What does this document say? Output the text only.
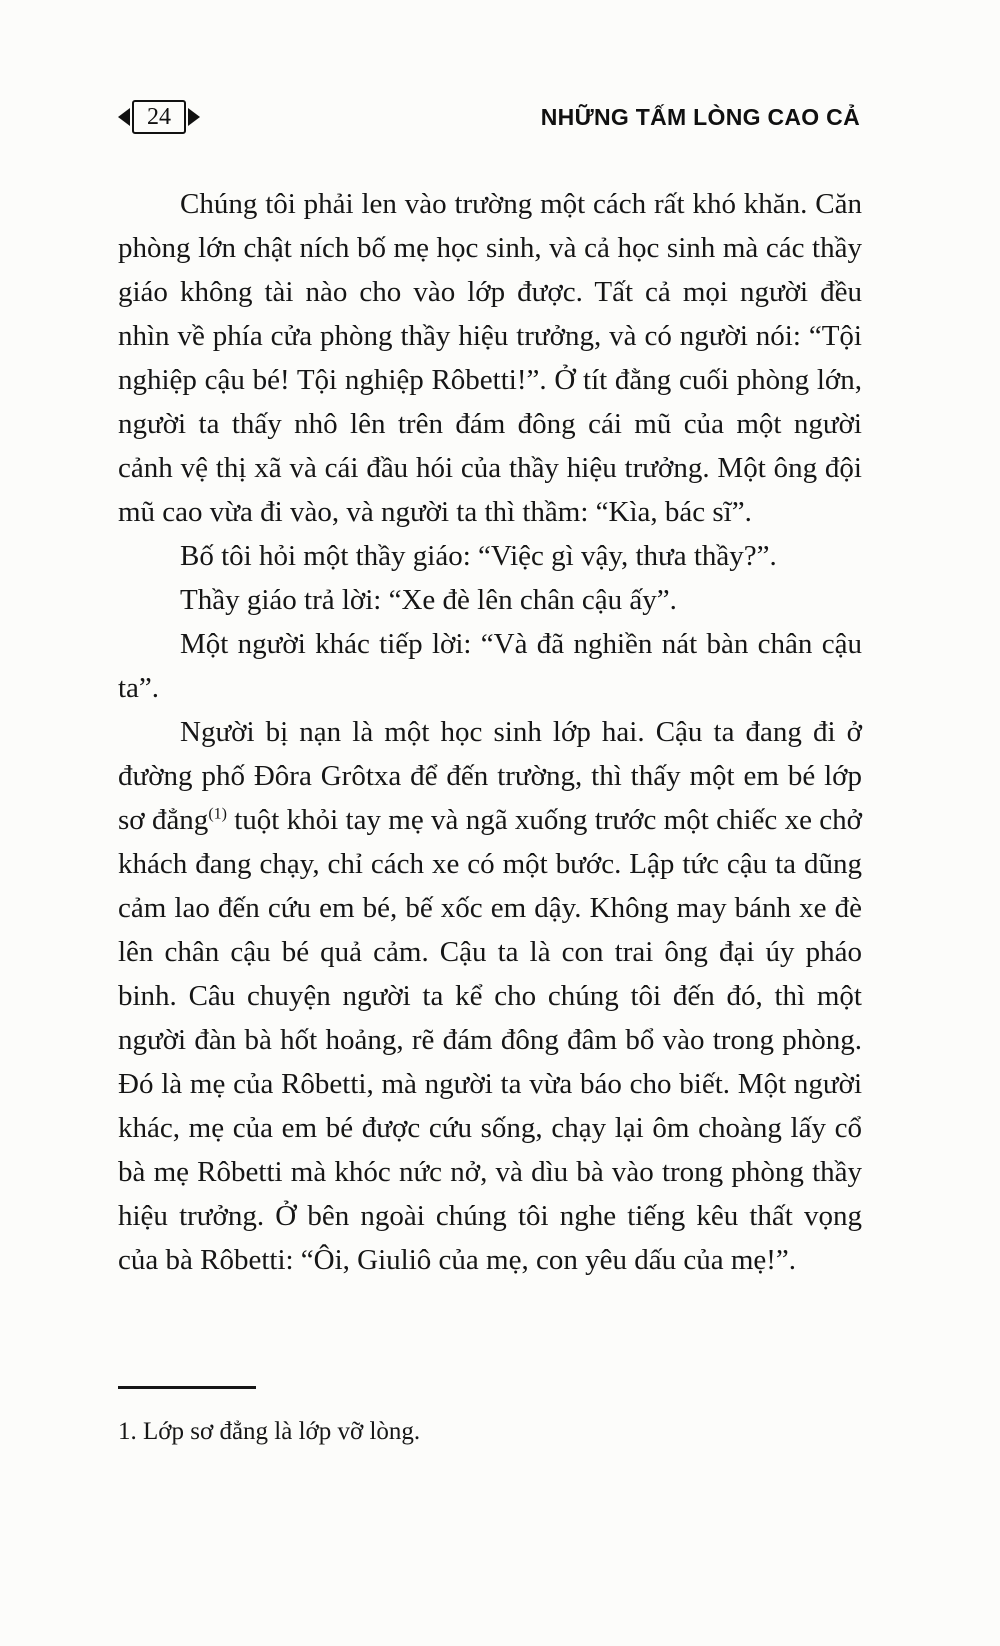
24	NHỮNG TẤM LÒNG CAO CẢ

Chúng tôi phải len vào trường một cách rất khó khăn. Căn phòng lớn chật ních bố mẹ học sinh, và cả học sinh mà các thầy giáo không tài nào cho vào lớp được. Tất cả mọi người đều nhìn về phía cửa phòng thầy hiệu trưởng, và có người nói: “Tội nghiệp cậu bé! Tội nghiệp Rôbetti!”. Ở tít đằng cuối phòng lớn, người ta thấy nhô lên trên đám đông cái mũ của một người cảnh vệ thị xã và cái đầu hói của thầy hiệu trưởng. Một ông đội mũ cao vừa đi vào, và người ta thì thầm: “Kìa, bác sĩ”.

Bố tôi hỏi một thầy giáo: “Việc gì vậy, thưa thầy?”.

Thầy giáo trả lời: “Xe đè lên chân cậu ấy”.

Một người khác tiếp lời: “Và đã nghiền nát bàn chân cậu ta”.

Người bị nạn là một học sinh lớp hai. Cậu ta đang đi ở đường phố Đôra Grôtxa để đến trường, thì thấy một em bé lớp sơ đẳng$^{(1)}$ tuột khỏi tay mẹ và ngã xuống trước một chiếc xe chở khách đang chạy, chỉ cách xe có một bước. Lập tức cậu ta dũng cảm lao đến cứu em bé, bế xốc em dậy. Không may bánh xe đè lên chân cậu bé quả cảm. Cậu ta là con trai ông đại úy pháo binh. Câu chuyện người ta kể cho chúng tôi đến đó, thì một người đàn bà hốt hoảng, rẽ đám đông đâm bổ vào trong phòng. Đó là mẹ của Rôbetti, mà người ta vừa báo cho biết. Một người khác, mẹ của em bé được cứu sống, chạy lại ôm choàng lấy cổ bà mẹ Rôbetti mà khóc nức nở, và dìu bà vào trong phòng thầy hiệu trưởng. Ở bên ngoài chúng tôi nghe tiếng kêu thất vọng của bà Rôbetti: “Ôi, Giuliô của mẹ, con yêu dấu của mẹ!”.

1. Lớp sơ đẳng là lớp vỡ lòng.
